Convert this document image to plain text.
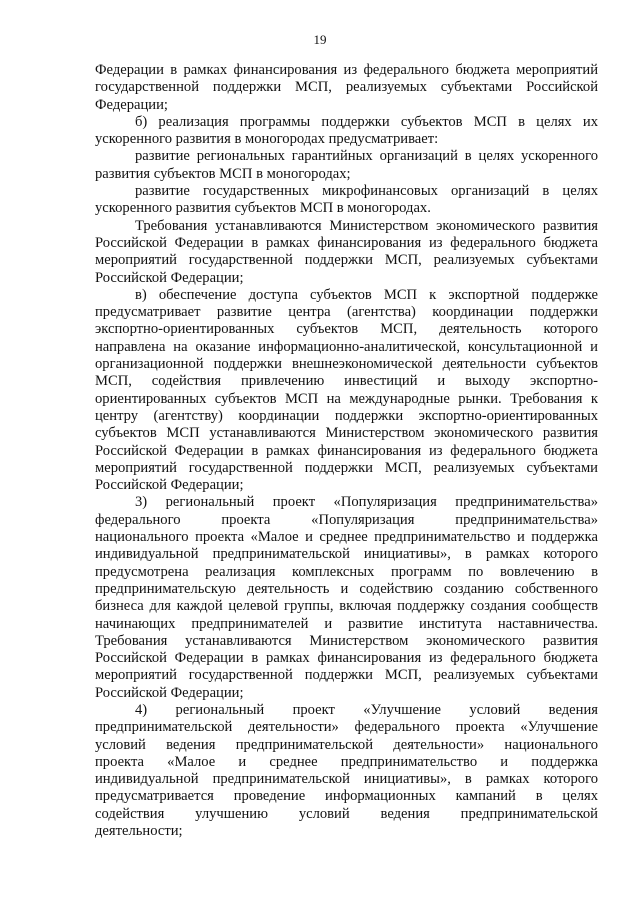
19
Федерации в рамках финансирования из федерального бюджета мероприятий
государственной поддержки МСП, реализуемых субъектами Российской
Федерации;
б) реализация программы поддержки субъектов МСП в целях их
ускоренного развития в моногородах предусматривает:
развитие региональных гарантийных организаций в целях ускоренного
развития субъектов МСП в моногородах;
развитие государственных микрофинансовых организаций в целях
ускоренного развития субъектов МСП в моногородах.
Требования устанавливаются Министерством экономического развития
Российской Федерации в рамках финансирования из федерального бюджета
мероприятий государственной поддержки МСП, реализуемых субъектами
Российской Федерации;
в) обеспечение доступа субъектов МСП к экспортной поддержке
предусматривает развитие центра (агентства) координации поддержки
экспортно-ориентированных субъектов МСП, деятельность которого
направлена на оказание информационно-аналитической, консультационной и
организационной поддержки внешнеэкономической деятельности субъектов
МСП, содействия привлечению инвестиций и выходу экспортно-
ориентированных субъектов МСП на международные рынки. Требования к
центру (агентству) координации поддержки экспортно-ориентированных
субъектов МСП устанавливаются Министерством экономического развития
Российской Федерации в рамках финансирования из федерального бюджета
мероприятий государственной поддержки МСП, реализуемых субъектами
Российской Федерации;
3) региональный проект «Популяризация предпринимательства»
федерального проекта «Популяризация предпринимательства»
национального проекта «Малое и среднее предпринимательство и поддержка
индивидуальной предпринимательской инициативы», в рамках которого
предусмотрена реализация комплексных программ по вовлечению в
предпринимательскую деятельность и содействию созданию собственного
бизнеса для каждой целевой группы, включая поддержку создания сообществ
начинающих предпринимателей и развитие института наставничества.
Требования устанавливаются Министерством экономического развития
Российской Федерации в рамках финансирования из федерального бюджета
мероприятий государственной поддержки МСП, реализуемых субъектами
Российской Федерации;
4) региональный проект «Улучшение условий ведения
предпринимательской деятельности» федерального проекта «Улучшение
условий ведения предпринимательской деятельности» национального
проекта «Малое и среднее предпринимательство и поддержка
индивидуальной предпринимательской инициативы», в рамках которого
предусматривается проведение информационных кампаний в целях
содействия улучшению условий ведения предпринимательской
деятельности;
